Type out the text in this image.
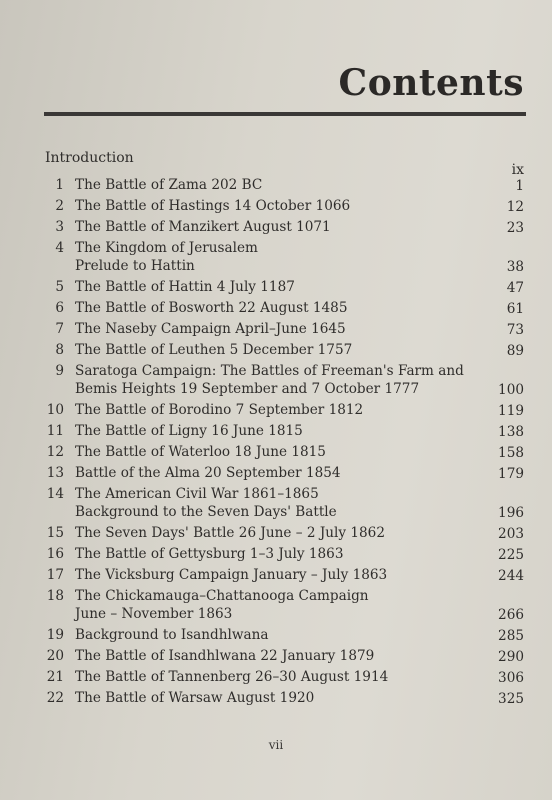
Contents
Introduction
ix
1 The Battle of Zama 202 BC	1
2 The Battle of Hastings 14 October 1066	12
3 The Battle of Manzikert August 1071	23
4 The Kingdom of Jerusalem
Prelude to Hattin	38
5 The Battle of Hattin 4 July 1187	47
6 The Battle of Bosworth 22 August 1485	61
7 The Naseby Campaign April–June 1645	73
8 The Battle of Leuthen 5 December 1757	89
9 Saratoga Campaign: The Battles of Freeman's Farm and
Bemis Heights 19 September and 7 October 1777	100
10 The Battle of Borodino 7 September 1812	119
11 The Battle of Ligny 16 June 1815	138
12 The Battle of Waterloo 18 June 1815	158
13 Battle of the Alma 20 September 1854	179
14 The American Civil War 1861–1865
Background to the Seven Days' Battle	196
15 The Seven Days' Battle 26 June – 2 July 1862	203
16 The Battle of Gettysburg 1–3 July 1863	225
17 The Vicksburg Campaign January – July 1863	244
18 The Chickamauga–Chattanooga Campaign
June – November 1863	266
19 Background to Isandhlwana	285
20 The Battle of Isandhlwana 22 January 1879	290
21 The Battle of Tannenberg 26–30 August 1914	306
22 The Battle of Warsaw August 1920	325
vii
